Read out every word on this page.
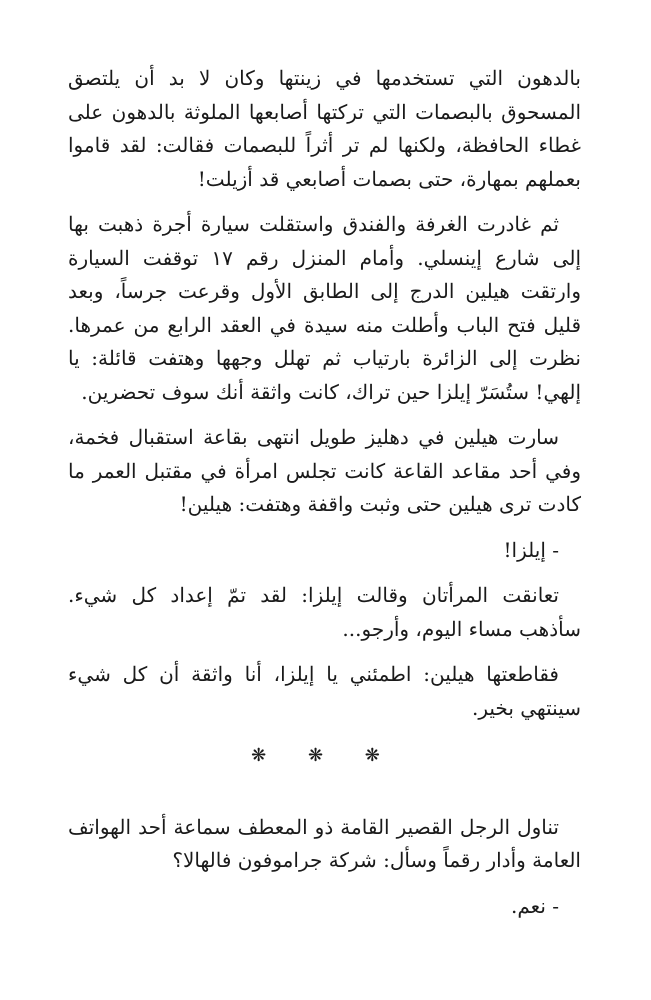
بالدهون التي تستخدمها في زينتها وكان لا بد أن يلتصق المسحوق بالبصمات التي تركتها أصابعها الملوثة بالدهون على غطاء الحافظة، ولكنها لم تر أثراً للبصمات فقالت: لقد قاموا بعملهم بمهارة، حتى بصمات أصابعي قد أزيلت!

ثم غادرت الغرفة والفندق واستقلت سيارة أجرة ذهبت بها إلى شارع إينسلي. وأمام المنزل رقم ١٧ توقفت السيارة وارتقت هيلين الدرج إلى الطابق الأول وقرعت جرساً، وبعد قليل فتح الباب وأطلت منه سيدة في العقد الرابع من عمرها. نظرت إلى الزائرة بارتياب ثم تهلل وجهها وهتفت قائلة: يا إلهي! ستُسَرّ إيلزا حين تراك، كانت واثقة أنك سوف تحضرين.

سارت هيلين في دهليز طويل انتهى بقاعة استقبال فخمة، وفي أحد مقاعد القاعة كانت تجلس امرأة في مقتبل العمر ما كادت ترى هيلين حتى وثبت واقفة وهتفت: هيلين!

- إيلزا!

تعانقت المرأتان وقالت إيلزا: لقد تمّ إعداد كل شيء. سأذهب مساء اليوم، وأرجو...

فقاطعتها هيلين: اطمئني يا إيلزا، أنا واثقة أن كل شيء سينتهي بخير.

❋ ❋ ❋

تناول الرجل القصير القامة ذو المعطف سماعة أحد الهواتف العامة وأدار رقماً وسأل: شركة جراموفون فالهالا؟

- نعم.
